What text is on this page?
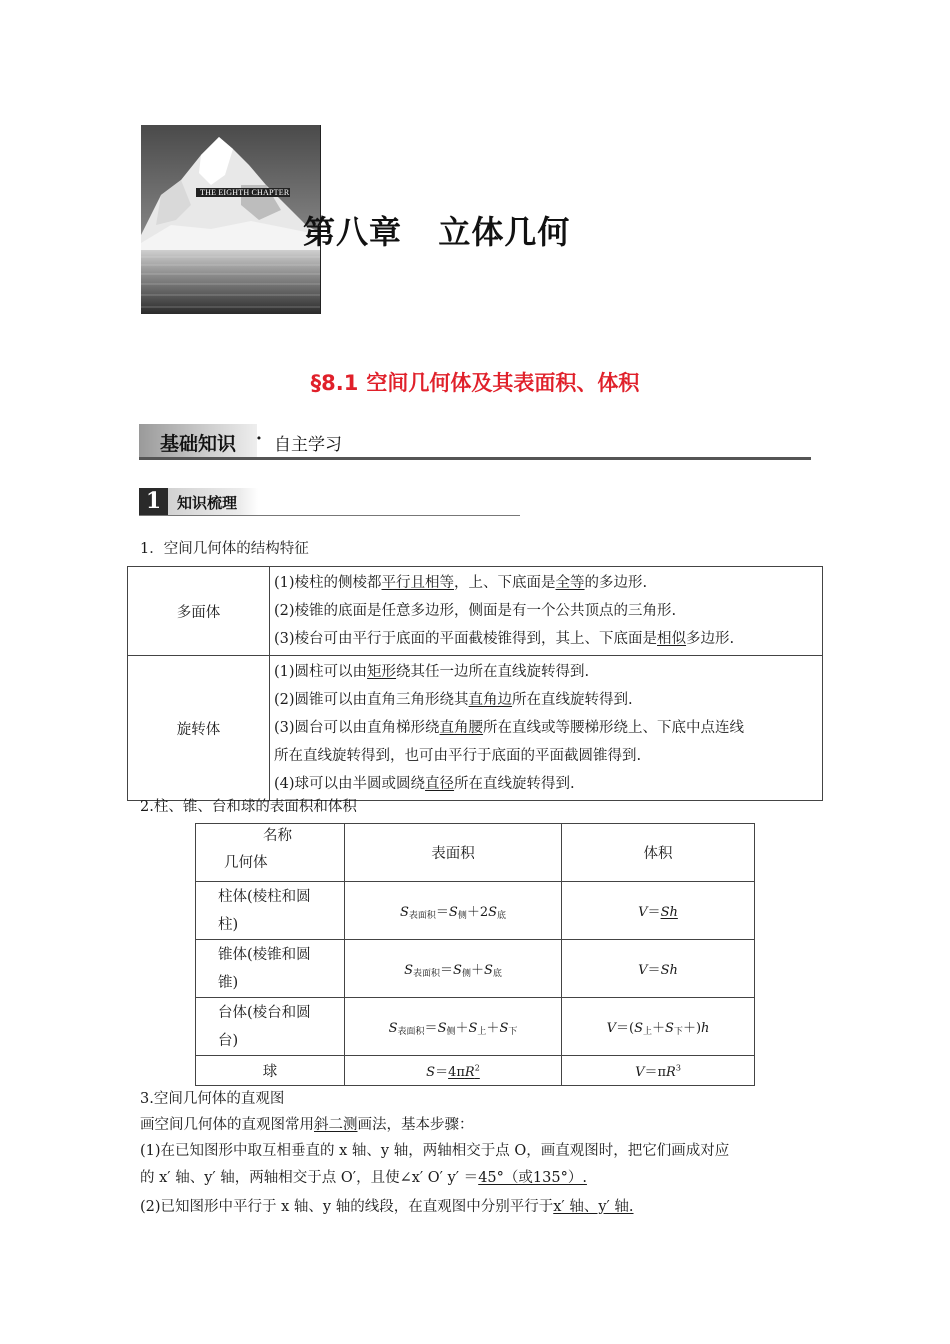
THE EIGHTH CHAPTER
第八章   立体几何
§8.1 空间几何体及其表面积、体积
基础知识 · 自主学习
1	知识梳理
1．空间几何体的结构特征
多面体	(1)棱柱的侧棱都平行且相等，上、下底面是全等的多边形.
(2)棱锥的底面是任意多边形，侧面是有一个公共顶点的三角形.
(3)棱台可由平行于底面的平面截棱锥得到，其上、下底面是相似多边形.

旋转体	(1)圆柱可以由矩形绕其任一边所在直线旋转得到.
(2)圆锥可以由直角三角形绕其直角边所在直线旋转得到.
(3)圆台可以由直角梯形绕直角腰所在直线或等腰梯形绕上、下底中点连线
所在直线旋转得到，也可由平行于底面的平面截圆锥得到.
(4)球可以由半圆或圆绕直径所在直线旋转得到.
2.柱、锥、台和球的表面积和体积
名称
几何体	表面积	体积

柱体(棱柱和圆
柱)	$S_{表面积}=S_侧+2S_底$	V＝Sh

锥体(棱锥和圆
锥)	$S_{表面积}=S_侧+S_底$	V＝Sh

台体(棱台和圆
台)	$S_{表面积}=S_侧+S_上+S_下$	$V=(S_上+S_下+)h$
球	$S=4\pi R^2$	$V=\pi R^3$
3.空间几何体的直观图
画空间几何体的直观图常用斜二测画法，基本步骤：
(1)在已知图形中取互相垂直的 x 轴、y 轴，两轴相交于点 O，画直观图时，把它们画成对应
的 x′ 轴、y′ 轴，两轴相交于点 O′，且使∠x′ O′ y′ ＝45°（或135°）.
(2)已知图形中平行于 x 轴、y 轴的线段，在直观图中分别平行于x′ 轴、y′ 轴.
